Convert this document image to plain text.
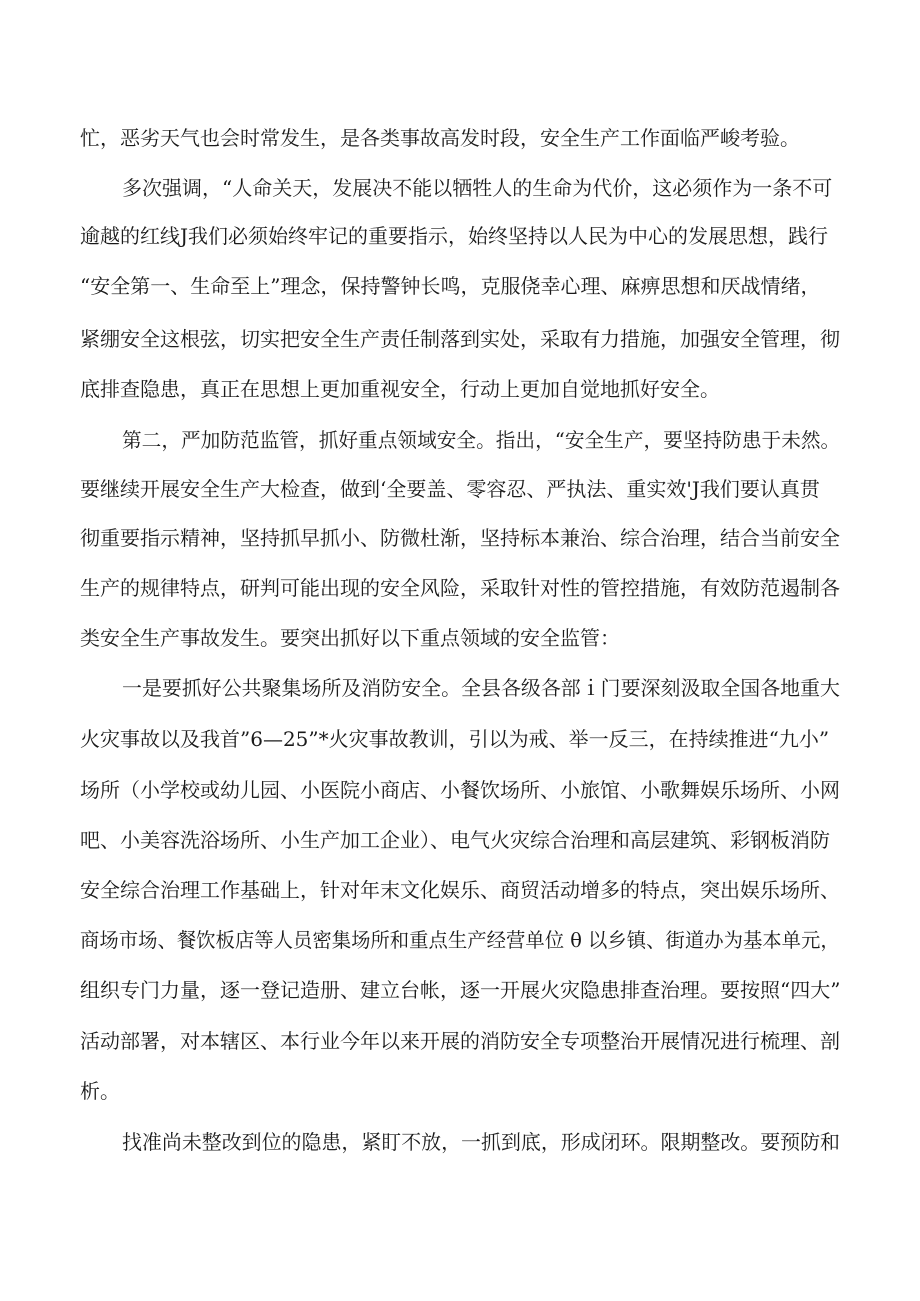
忙，恶劣天气也会时常发生，是各类事故高发时段，安全生产工作面临严峻考验。
多次强调，“人命关天，发展决不能以牺牲人的生命为代价，这必须作为一条不可
逾越的红线J我们必须始终牢记的重要指示，始终坚持以人民为中心的发展思想，践行
“安全第一、生命至上”理念，保持警钟长鸣，克服侥幸心理、麻痹思想和厌战情绪，
紧绷安全这根弦，切实把安全生产责任制落到实处，采取有力措施，加强安全管理，彻
底排查隐患，真正在思想上更加重视安全，行动上更加自觉地抓好安全。
第二，严加防范监管，抓好重点领域安全。指出，“安全生产，要坚持防患于未然。
要继续开展安全生产大检查，做到‘全要盖、零容忍、严执法、重实效'J我们要认真贯
彻重要指示精神，坚持抓早抓小、防微杜渐，坚持标本兼治、综合治理，结合当前安全
生产的规律特点，研判可能出现的安全风险，采取针对性的管控措施，有效防范遏制各
类安全生产事故发生。要突出抓好以下重点领域的安全监管：
一是要抓好公共聚集场所及消防安全。全县各级各部ｉ门要深刻汲取全国各地重大
火灾事故以及我首”6—25”*火灾事故教训，引以为戒、举一反三，在持续推进“九小”
场所（小学校或幼儿园、小医院小商店、小餐饮场所、小旅馆、小歌舞娱乐场所、小网
吧、小美容洗浴场所、小生产加工企业）、电气火灾综合治理和高层建筑、彩钢板消防
安全综合治理工作基础上，针对年末文化娱乐、商贸活动增多的特点，突出娱乐场所、
商场市场、餐饮板店等人员密集场所和重点生产经营单位 θ 以乡镇、街道办为基本单元，
组织专门力量，逐一登记造册、建立台帐，逐一开展火灾隐患排查治理。要按照“四大”
活动部署，对本辖区、本行业今年以来开展的消防安全专项整治开展情况进行梳理、剖
析。
找准尚未整改到位的隐患，紧盯不放，一抓到底，形成闭环。限期整改。要预防和
